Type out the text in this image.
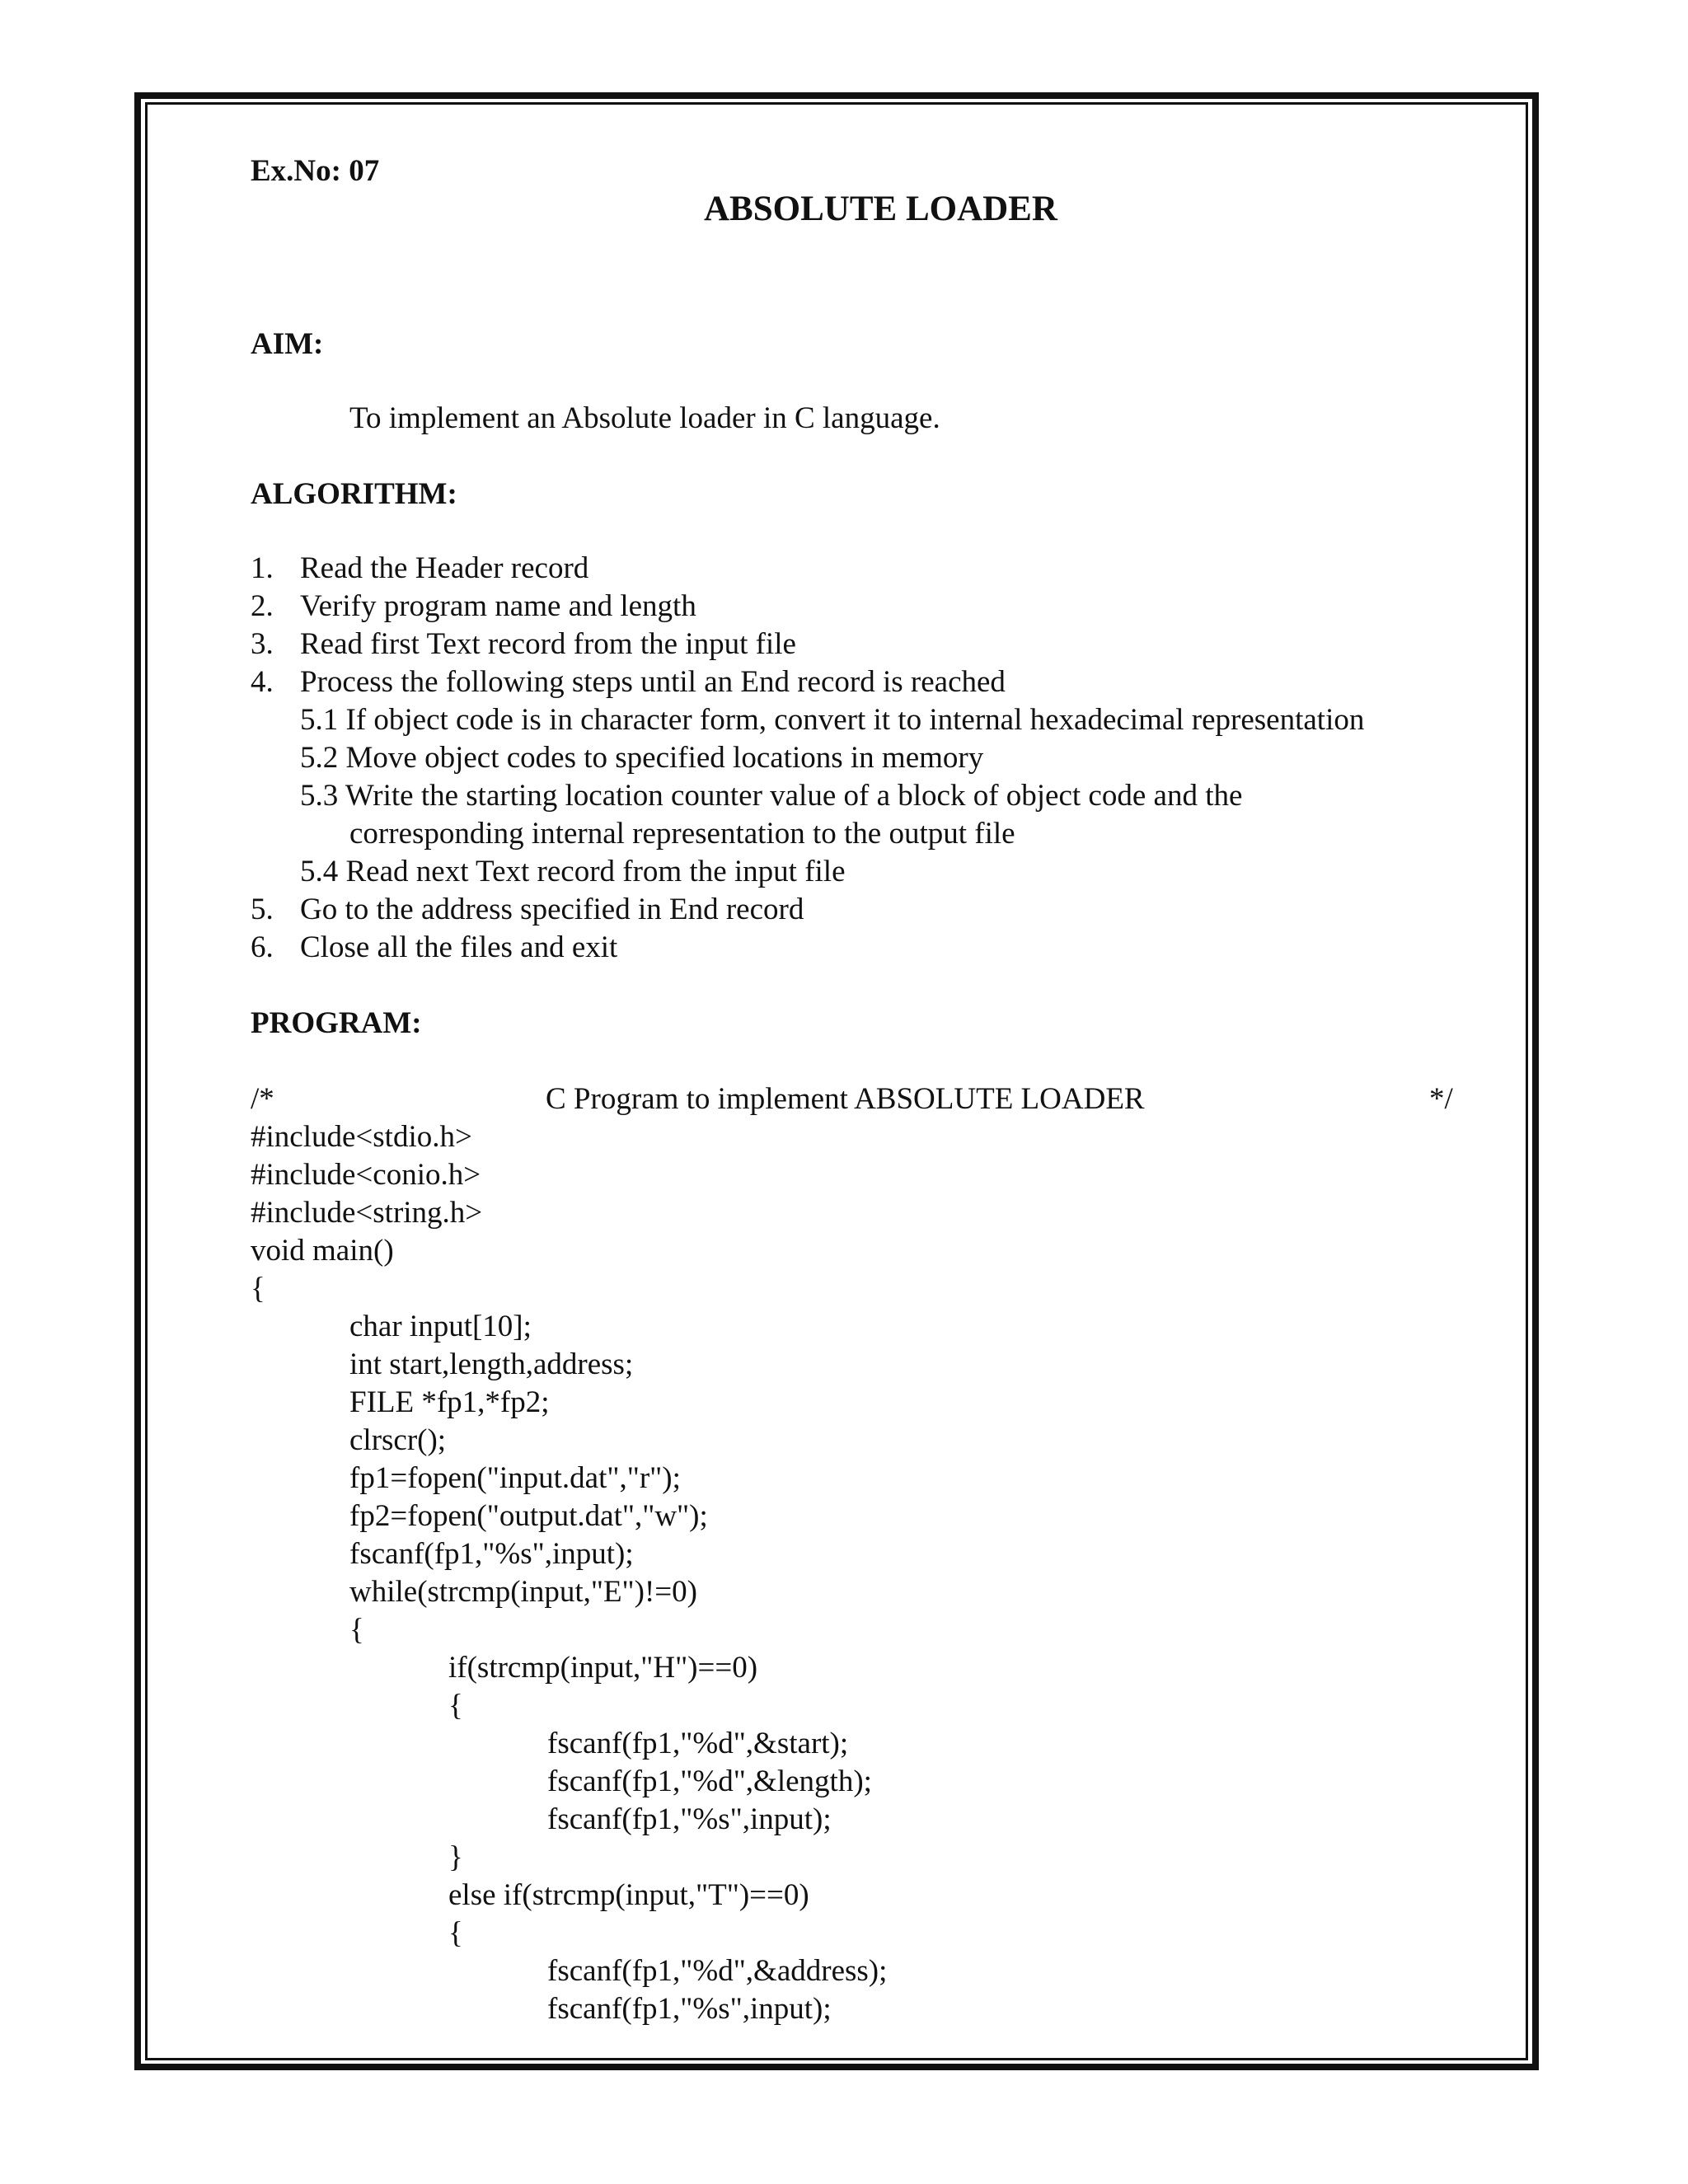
Ex.No: 07
ABSOLUTE LOADER
AIM:
To implement an Absolute loader in C language.
ALGORITHM:
1. Read the Header record
2. Verify program name and length
3. Read first Text record from the input file
4. Process the following steps until an End record is reached
5.1 If object code is in character form, convert it to internal hexadecimal representation
5.2 Move object codes to specified locations in memory
5.3 Write the starting location counter value of a block of object code and the
corresponding internal representation to the output file
5.4 Read next Text record from the input file
5. Go to the address specified in End record
6. Close all the files and exit
PROGRAM:
/*	C Program to implement ABSOLUTE LOADER	*/
#include<stdio.h>
#include<conio.h>
#include<string.h>
void main()
{
char input[10];
int start,length,address;
FILE *fp1,*fp2;
clrscr();
fp1=fopen("input.dat","r");
fp2=fopen("output.dat","w");
fscanf(fp1,"%s",input);
while(strcmp(input,"E")!=0)
{
if(strcmp(input,"H")==0)
{
fscanf(fp1,"%d",&start);
fscanf(fp1,"%d",&length);
fscanf(fp1,"%s",input);
}
else if(strcmp(input,"T")==0)
{
fscanf(fp1,"%d",&address);
fscanf(fp1,"%s",input);
